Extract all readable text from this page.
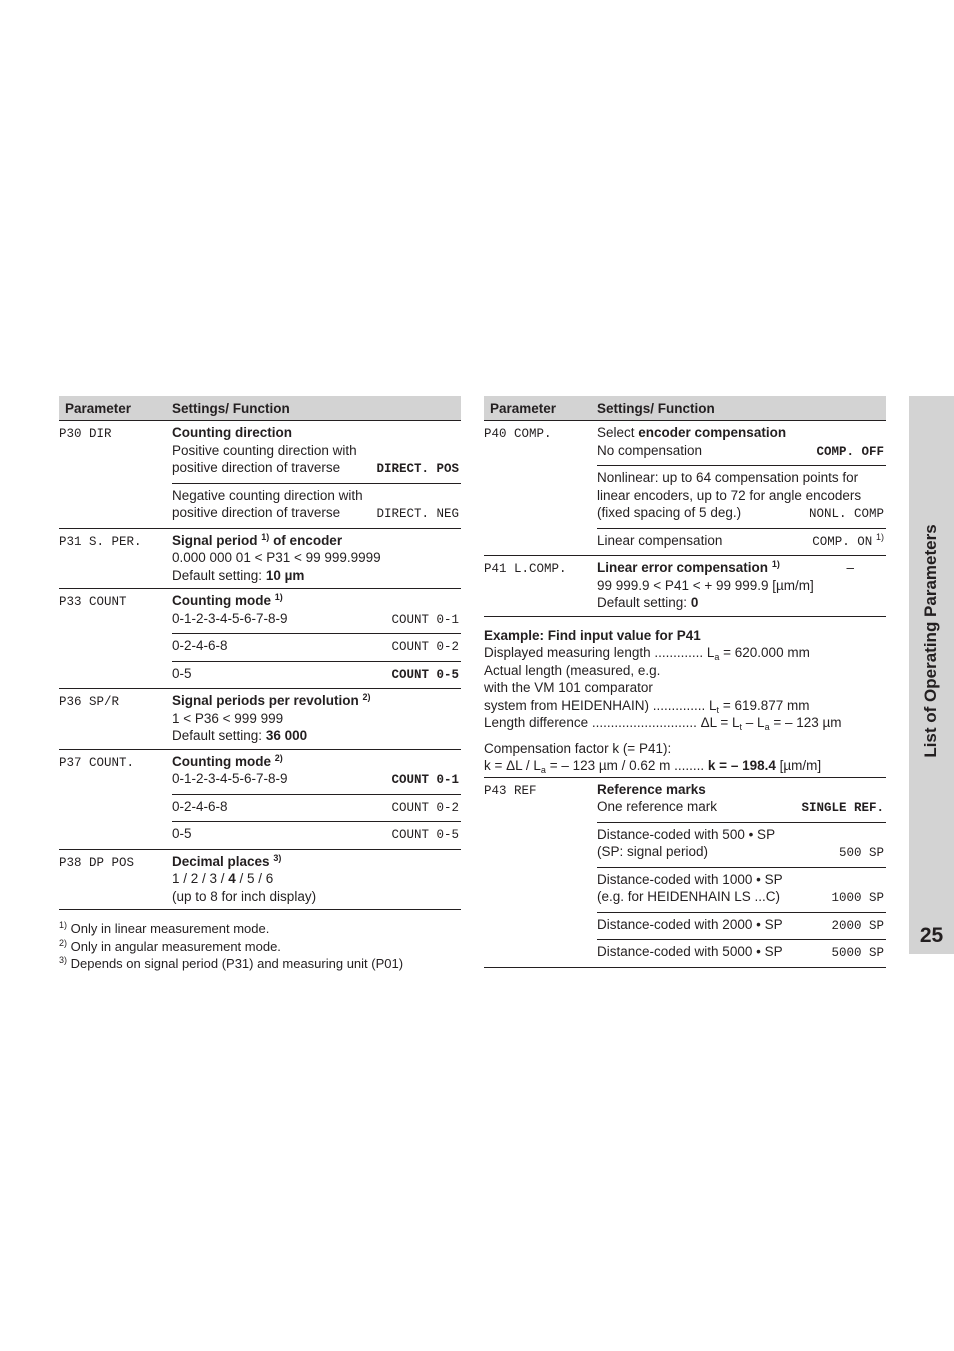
Parameter	Settings/ Function
P30 DIR	Counting direction
Positive counting direction with
positive direction of traverse	DIRECT. POS
Negative counting direction with
positive direction of traverse	DIRECT. NEG
P31 S. PER.	Signal period $^{1)}$ of encoder
0.000 000 01 < P31 < 99 999.9999
Default setting: 10 µm
P33 COUNT	Counting mode $^{1)}$
0-1-2-3-4-5-6-7-8-9	COUNT 0-1
0-2-4-6-8	COUNT 0-2
0-5	COUNT 0-5
P36 SP/R	Signal periods per revolution $^{2)}$
1 < P36 < 999 999
Default setting: 36 000
P37 COUNT.	Counting mode $^{2)}$
0-1-2-3-4-5-6-7-8-9	COUNT 0-1
0-2-4-6-8	COUNT 0-2
0-5	COUNT 0-5
P38 DP POS	Decimal places $^{3)}$
1 / 2 / 3 / 4 / 5 / 6
(up to 8 for inch display)
$^{1)}$ Only in linear measurement mode.
$^{2)}$ Only in angular measurement mode.
$^{3)}$ Depends on signal period (P31) and measuring unit (P01)
Parameter	Settings/ Function
P40 COMP.	Select encoder compensation
No compensation	COMP. OFF
Nonlinear: up to 64 compensation points for
linear encoders, up to 72 for angle encoders
(fixed spacing of 5 deg.)	NONL. COMP
Linear compensation	COMP. ON $^{1)}$
P41 L.COMP.	Linear error compensation $^{1)}$	–
99 999.9 < P41 < + 99 999.9 [µm/m]
Default setting: 0
Example: Find input value for P41
Displayed measuring length ............. $L_a = 620.000$ mm
Actual length (measured, e.g.
with the VM 101 comparator
system from HEIDENHAIN) .............. $L_t = 619.877$ mm
Length difference ............................ $\Delta L = L_t - L_a$ = – 123 µm
Compensation factor k (= P41):
$k = \Delta L / L_a$ = – 123 µm / 0.62 m ........ k = – 198.4 [µm/m]
P43 REF	Reference marks
One reference mark	SINGLE REF.
Distance-coded with 500 • SP
(SP: signal period)	500 SP
Distance-coded with 1000 • SP
(e.g. for HEIDENHAIN LS ...C)	1000 SP
Distance-coded with 2000 • SP	2000 SP
Distance-coded with 5000 • SP	5000 SP
List of Operating Parameters
25
